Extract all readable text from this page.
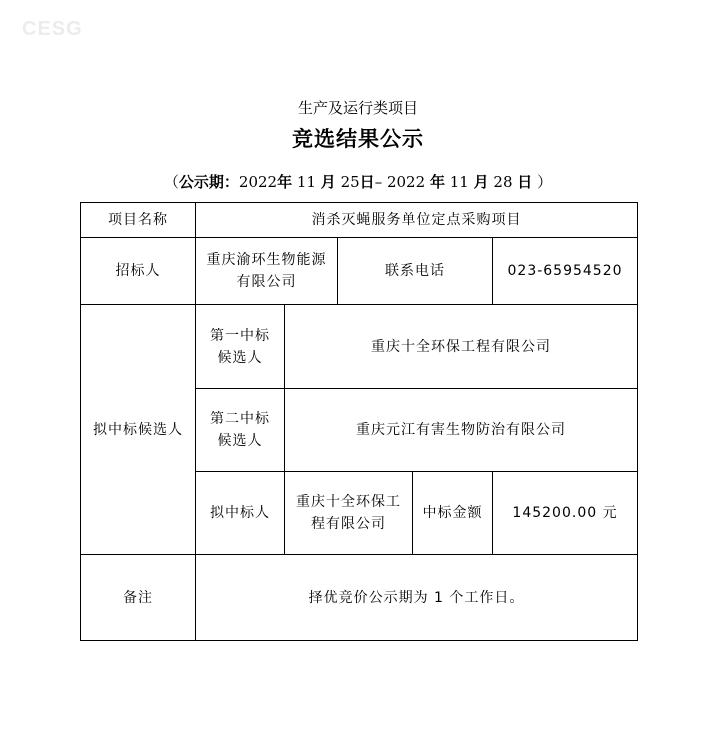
CESG
生产及运行类项目
竞选结果公示
（公示期：2022年 11 月 25日– 2022 年 11 月 28 日 ）
项目名称	消杀灭蝇服务单位定点采购项目				
招标人	重庆渝环生物能源有限公司		联系电话		023-65954520
拟中标候选人	第一中标候选人	重庆十全环保工程有限公司			
	第二中标候选人	重庆元江有害生物防治有限公司			
	拟中标人	重庆十全环保工程有限公司		中标金额	145200.00 元
备注	择优竞价公示期为 1 个工作日。				
